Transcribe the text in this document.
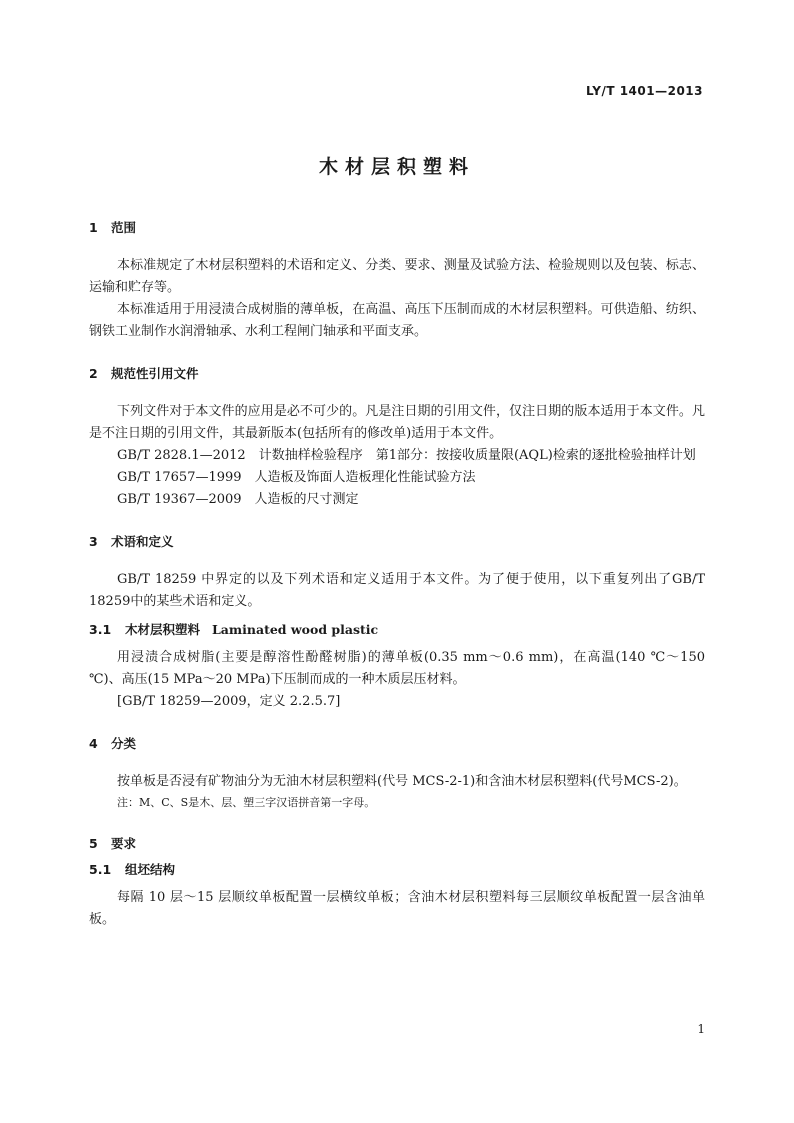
LY/T 1401—2013
木材层积塑料
1 范围

本标准规定了木材层积塑料的术语和定义、分类、要求、测量及试验方法、检验规则以及包装、标志、运输和贮存等。

本标准适用于用浸渍合成树脂的薄单板，在高温、高压下压制而成的木材层积塑料。可供造船、纺织、钢铁工业制作水润滑轴承、水利工程闸门轴承和平面支承。

2 规范性引用文件

下列文件对于本文件的应用是必不可少的。凡是注日期的引用文件，仅注日期的版本适用于本文件。凡是不注日期的引用文件，其最新版本(包括所有的修改单)适用于本文件。

GB/T 2828.1—2012　计数抽样检验程序　第1部分：按接收质量限(AQL)检索的逐批检验抽样计划

GB/T 17657—1999　人造板及饰面人造板理化性能试验方法

GB/T 19367—2009　人造板的尺寸测定

3 术语和定义

GB/T 18259 中界定的以及下列术语和定义适用于本文件。为了便于使用，以下重复列出了GB/T 18259中的某些术语和定义。

3.1 木材层积塑料 Laminated wood plastic

用浸渍合成树脂(主要是醇溶性酚醛树脂)的薄单板(0.35 mm～0.6 mm)，在高温(140 ℃～150 ℃)、高压(15 MPa～20 MPa)下压制而成的一种木质层压材料。

[GB/T 18259—2009，定义 2.2.5.7]

4 分类

按单板是否浸有矿物油分为无油木材层积塑料(代号 MCS-2-1)和含油木材层积塑料(代号MCS-2)。

注：M、C、S是木、层、塑三字汉语拼音第一字母。

5 要求
5.1 组坯结构

每隔 10 层～15 层顺纹单板配置一层横纹单板；含油木材层积塑料每三层顺纹单板配置一层含油单板。

1
